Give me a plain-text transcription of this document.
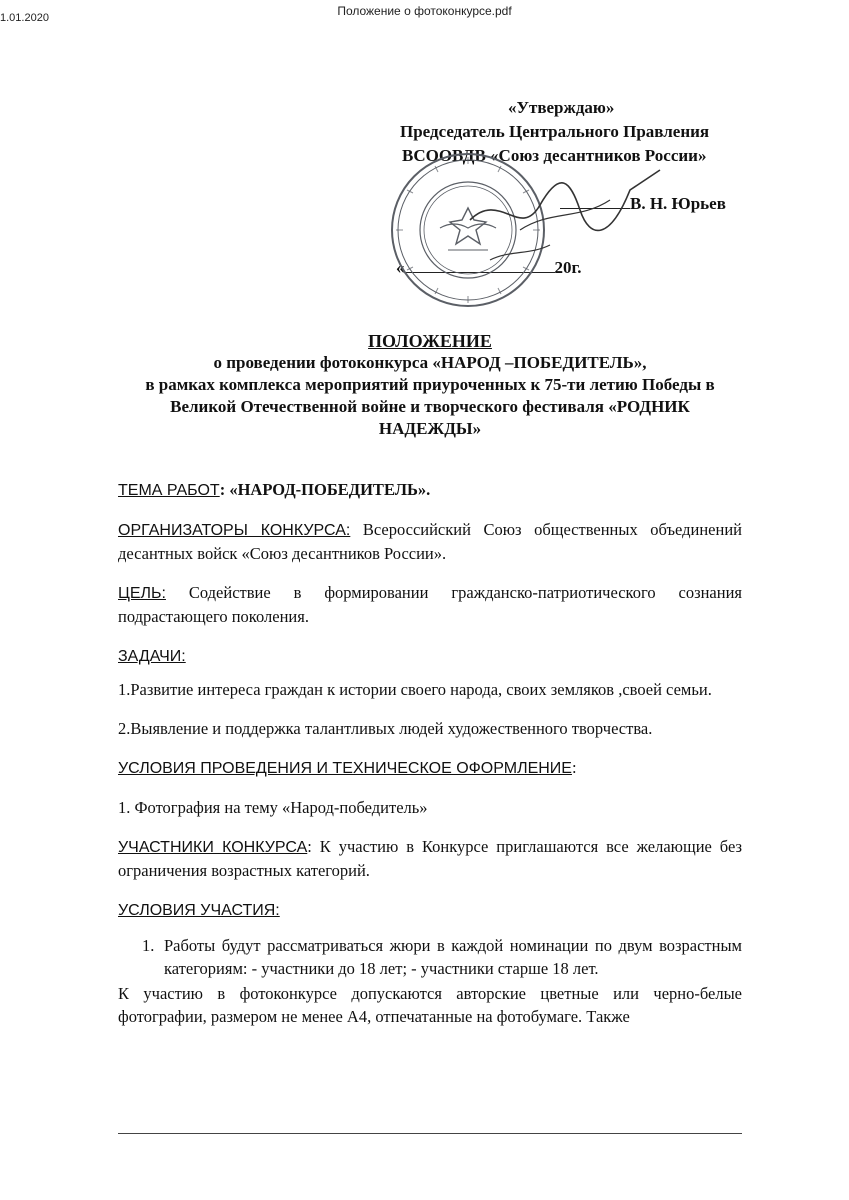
1.01.2020	Положение о фотоконкурсе.pdf
«Утверждаю»
Председатель Центрального Правления
ВСООВДВ «Союз десантников России»
В. Н. Юрьев
«	20г.
ПОЛОЖЕНИЕ
о проведении фотоконкурса «НАРОД –ПОБЕДИТЕЛЬ»,
в рамках комплекса мероприятий приуроченных к 75-ти летию Победы в
Великой Отечественной войне и творческого фестиваля «РОДНИК
НАДЕЖДЫ»

ТЕМА РАБОТ: «НАРОД-ПОБЕДИТЕЛЬ».

ОРГАНИЗАТОРЫ КОНКУРСА: Всероссийский Союз общественных объединений десантных войск «Союз десантников России».

ЦЕЛЬ: Содействие в формировании гражданско-патриотического сознания подрастающего поколения.

ЗАДАЧИ:

1.Развитие интереса граждан к истории своего народа, своих земляков ,своей семьи.

2.Выявление и поддержка талантливых людей художественного творчества.

УСЛОВИЯ ПРОВЕДЕНИЯ И ТЕХНИЧЕСКОЕ ОФОРМЛЕНИЕ:

1. Фотография на тему «Народ-победитель»

УЧАСТНИКИ КОНКУРСА: К участию в Конкурсе приглашаются все желающие без ограничения возрастных категорий.

УСЛОВИЯ УЧАСТИЯ:

1. Работы будут рассматриваться жюри в каждой номинации по двум возрастным категориям: - участники до 18 лет; - участники старше 18 лет.

К участию в фотоконкурсе допускаются авторские цветные или черно-белые фотографии, размером не менее А4, отпечатанные на фотобумаге. Также
